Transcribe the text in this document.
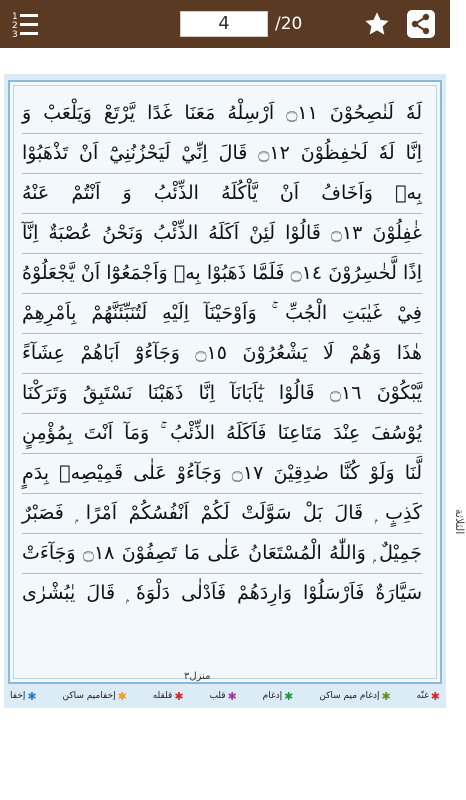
1
2
3
4	/20
لَهٗ لَنٰصِحُوْنَ ۝١١ اَرْسِلْهُ مَعَنَا غَدًا يَّرْتَعْ وَيَلْعَبْ وَ
اِنَّا لَهٗ لَحٰفِظُوْنَ ۝١٢ قَالَ اِنِّيْ لَيَحْزُنُنِيْٓ اَنْ تَذْهَبُوْا
بِهٖ وَاَخَافُ اَنْ يَّاْكُلَهُ الذِّئْبُ وَ اَنْتُمْ عَنْهُ
غٰفِلُوْنَ ۝١٣ قَالُوْا لَئِنْ اَكَلَهُ الذِّئْبُ وَنَحْنُ عُصْبَةٌ اِنَّآ
اِذًا لَّخٰسِرُوْنَ ۝١٤ فَلَمَّا ذَهَبُوْا بِهٖ وَاَجْمَعُوْٓا اَنْ يَّجْعَلُوْهُ
فِيْ غَيٰبَتِ الْجُبِّ ۚ وَاَوْحَيْنَآ اِلَيْهِ لَتُنَبِّئَنَّهُمْ بِاَمْرِهِمْ
هٰذَا وَهُمْ لَا يَشْعُرُوْنَ ۝١٥ وَجَآءُوْٓ اَبَاهُمْ عِشَآءً
يَّبْكُوْنَ ۝١٦ قَالُوْا يٰٓاَبَانَآ اِنَّا ذَهَبْنَا نَسْتَبِقُ وَتَرَكْنَا
يُوْسُفَ عِنْدَ مَتَاعِنَا فَاَكَلَهُ الذِّئْبُ ۚ وَمَآ اَنْتَ بِمُؤْمِنٍ
لَّنَا وَلَوْ كُنَّا صٰدِقِيْنَ ۝١٧ وَجَآءُوْ عَلٰى قَمِيْصِهٖ بِدَمٍ
كَذِبٍ ۭ قَالَ بَلْ سَوَّلَتْ لَكُمْ اَنْفُسُكُمْ اَمْرًا ۭ فَصَبْرٌ
جَمِيْلٌ ۭ وَاللّٰهُ الْمُسْتَعَانُ عَلٰى مَا تَصِفُوْنَ ۝١٨ وَجَآءَتْ
سَيَّارَةٌ فَاَرْسَلُوْا وَارِدَهُمْ فَاَدْلٰى دَلْوَهٗ ۭ قَالَ يٰبُشْرٰى
الثلاثة
منزل٣
✱
إخفا	✱
إخفاميم ساكن	✱
قلقله	✱
قلب	✱
إدغام	✱
إدغام ميم ساكن	✱
غنّه
